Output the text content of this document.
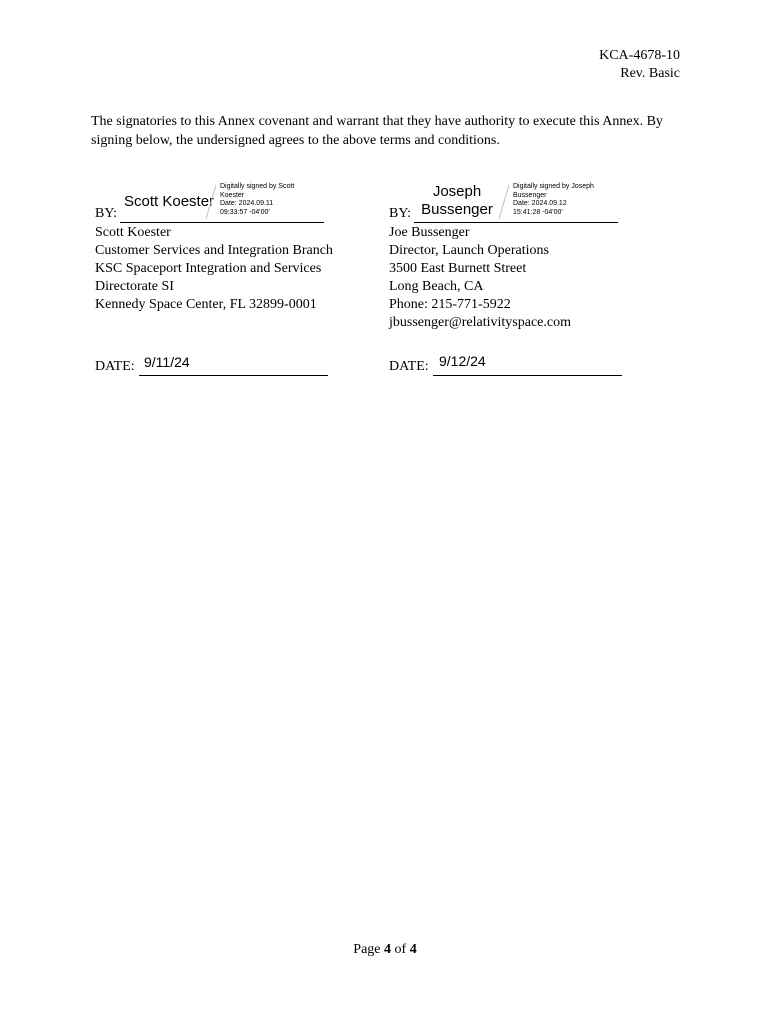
KCA-4678-10
Rev. Basic
The signatories to this Annex covenant and warrant that they have authority to execute this Annex. By signing below, the undersigned agrees to the above terms and conditions.
BY:
Scott Koester
Digitally signed by Scott
Koester
Date: 2024.09.11
09:33:57 -04'00'
Scott Koester
Customer Services and Integration Branch
KSC Spaceport Integration and Services
Directorate SI
Kennedy Space Center, FL 32899-0001
DATE: 9/11/24
BY:
Joseph
Bussenger
Digitally signed by Joseph
Bussenger
Date: 2024.09.12
15:41:28 -04'00'
Joe Bussenger
Director, Launch Operations
3500 East Burnett Street
Long Beach, CA
Phone: 215-771-5922
jbussenger@relativityspace.com
DATE: 9/12/24
Page 4 of 4
